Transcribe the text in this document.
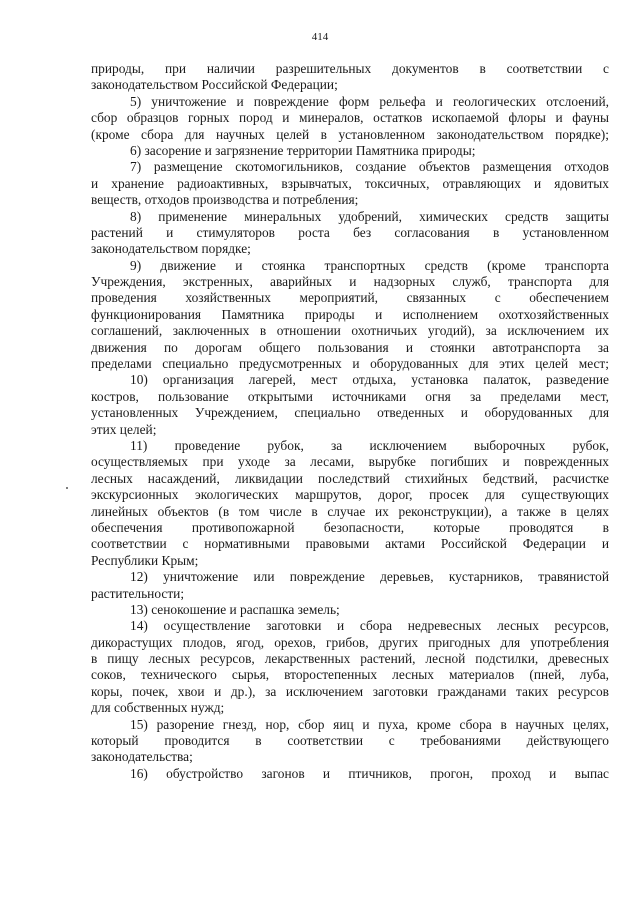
414
природы, при наличии разрешительных документов в соответствии с
законодательством Российской Федерации;
5) уничтожение и повреждение форм рельефа и геологических отслоений,
сбор образцов горных пород и минералов, остатков ископаемой флоры и фауны
(кроме сбора для научных целей в установленном законодательством порядке);
6) засорение и загрязнение территории Памятника природы;
7) размещение скотомогильников, создание объектов размещения отходов
и хранение радиоактивных, взрывчатых, токсичных, отравляющих и ядовитых
веществ, отходов производства и потребления;
8) применение минеральных удобрений, химических средств защиты
растений и стимуляторов роста без согласования в установленном
законодательством порядке;
9) движение и стоянка транспортных средств (кроме транспорта
Учреждения, экстренных, аварийных и надзорных служб, транспорта для
проведения хозяйственных мероприятий, связанных с обеспечением
функционирования Памятника природы и исполнением охотхозяйственных
соглашений, заключенных в отношении охотничьих угодий), за исключением их
движения по дорогам общего пользования и стоянки автотранспорта за
пределами специально предусмотренных и оборудованных для этих целей мест;
10) организация лагерей, мест отдыха, установка палаток, разведение
костров, пользование открытыми источниками огня за пределами мест,
установленных Учреждением, специально отведенных и оборудованных для
этих целей;
11) проведение рубок, за исключением выборочных рубок,
осуществляемых при уходе за лесами, вырубке погибших и поврежденных
лесных насаждений, ликвидации последствий стихийных бедствий, расчистке
экскурсионных экологических маршрутов, дорог, просек для существующих
линейных объектов (в том числе в случае их реконструкции), а также в целях
обеспечения противопожарной безопасности, которые проводятся в
соответствии с нормативными правовыми актами Российской Федерации и
Республики Крым;
12) уничтожение или повреждение деревьев, кустарников, травянистой
растительности;
13) сенокошение и распашка земель;
14) осуществление заготовки и сбора недревесных лесных ресурсов,
дикорастущих плодов, ягод, орехов, грибов, других пригодных для употребления
в пищу лесных ресурсов, лекарственных растений, лесной подстилки, древесных
соков, технического сырья, второстепенных лесных материалов (пней, луба,
коры, почек, хвои и др.), за исключением заготовки гражданами таких ресурсов
для собственных нужд;
15) разорение гнезд, нор, сбор яиц и пуха, кроме сбора в научных целях,
который проводится в соответствии с требованиями действующего
законодательства;
16) обустройство загонов и птичников, прогон, проход и выпас
